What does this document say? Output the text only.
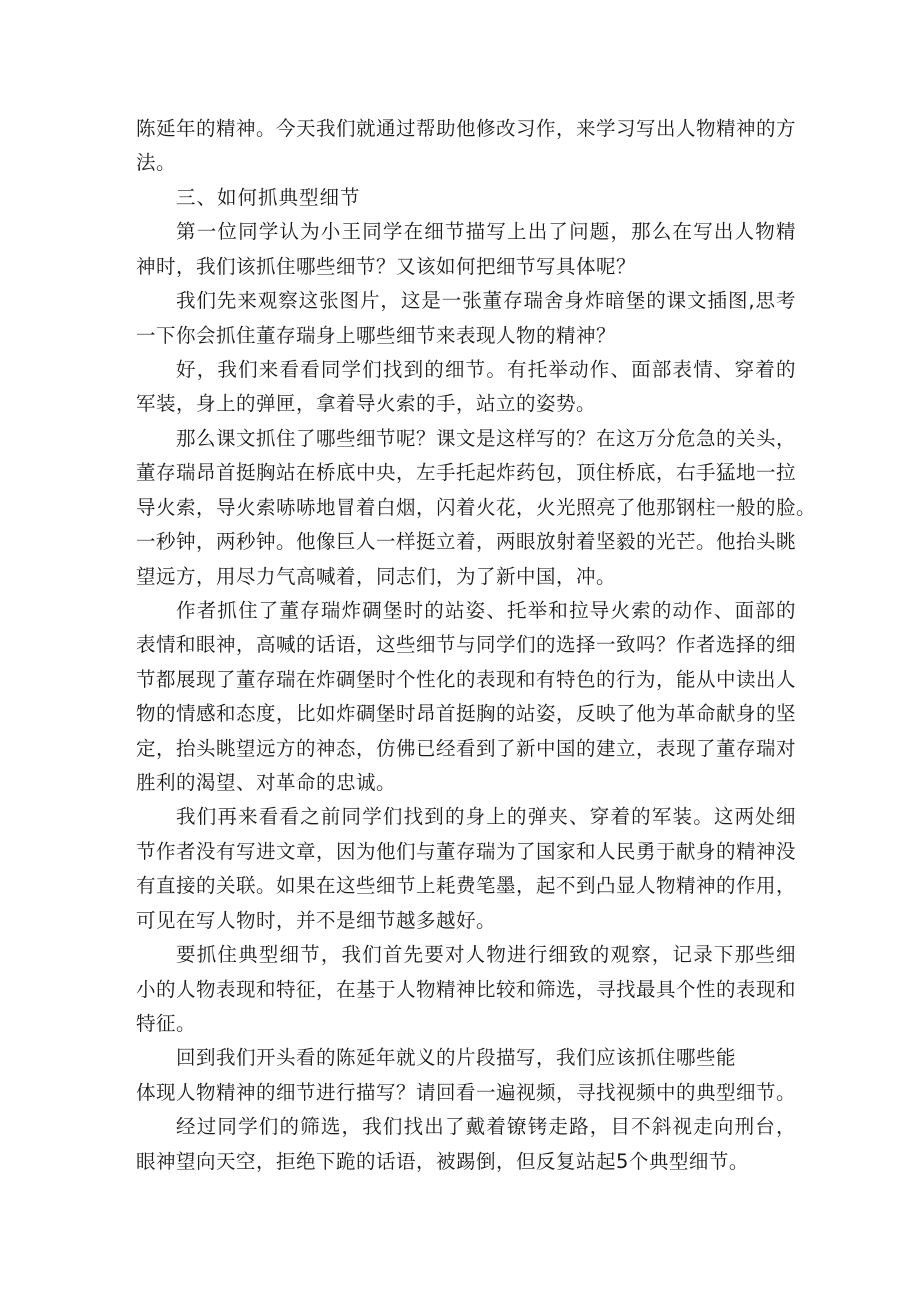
陈延年的精神。今天我们就通过帮助他修改习作，来学习写出人物精神的方
法。
三、如何抓典型细节
第一位同学认为小王同学在细节描写上出了问题，那么在写出人物精
神时，我们该抓住哪些细节？又该如何把细节写具体呢？
我们先来观察这张图片，这是一张董存瑞舍身炸暗堡的课文插图,思考
一下你会抓住董存瑞身上哪些细节来表现人物的精神？
好，我们来看看同学们找到的细节。有托举动作、面部表情、穿着的
军装，身上的弹匣，拿着导火索的手，站立的姿势。
那么课文抓住了哪些细节呢？课文是这样写的？在这万分危急的关头，
董存瑞昂首挺胸站在桥底中央，左手托起炸药包，顶住桥底，右手猛地一拉
导火索，导火索哧哧地冒着白烟，闪着火花，火光照亮了他那钢柱一般的脸。
一秒钟，两秒钟。他像巨人一样挺立着，两眼放射着坚毅的光芒。他抬头眺
望远方，用尽力气高喊着，同志们，为了新中国，冲。
作者抓住了董存瑞炸碉堡时的站姿、托举和拉导火索的动作、面部的
表情和眼神，高喊的话语，这些细节与同学们的选择一致吗？作者选择的细
节都展现了董存瑞在炸碉堡时个性化的表现和有特色的行为，能从中读出人
物的情感和态度，比如炸碉堡时昂首挺胸的站姿，反映了他为革命献身的坚
定，抬头眺望远方的神态，仿佛已经看到了新中国的建立，表现了董存瑞对
胜利的渴望、对革命的忠诚。
我们再来看看之前同学们找到的身上的弹夹、穿着的军装。这两处细
节作者没有写进文章，因为他们与董存瑞为了国家和人民勇于献身的精神没
有直接的关联。如果在这些细节上耗费笔墨，起不到凸显人物精神的作用，
可见在写人物时，并不是细节越多越好。
要抓住典型细节，我们首先要对人物进行细致的观察，记录下那些细
小的人物表现和特征，在基于人物精神比较和筛选，寻找最具个性的表现和
特征。
回到我们开头看的陈延年就义的片段描写，我们应该抓住哪些能
体现人物精神的细节进行描写？请回看一遍视频，寻找视频中的典型细节。
经过同学们的筛选，我们找出了戴着镣铐走路，目不斜视走向刑台，
眼神望向天空，拒绝下跪的话语，被踢倒，但反复站起5个典型细节。
